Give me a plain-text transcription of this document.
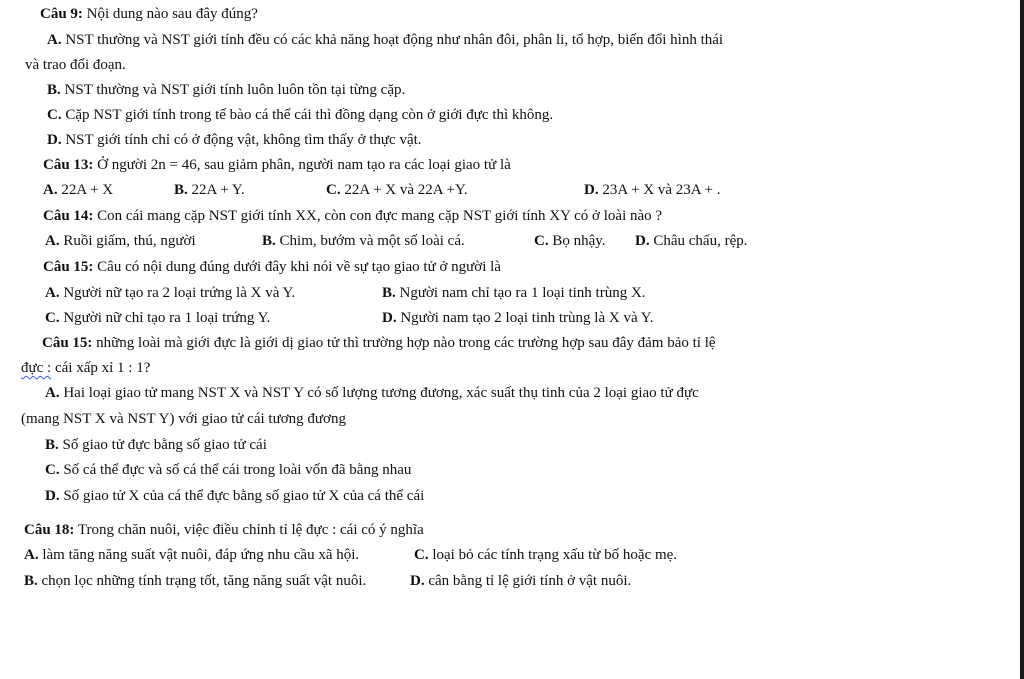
Câu 9: Nội dung nào sau đây đúng?
A. NST thường và NST giới tính đều có các khả năng hoạt động như nhân đôi, phân li, tổ hợp, biến đổi hình thái
và trao đổi đoạn.
B. NST thường và NST giới tính luôn luôn tồn tại từng cặp.
C. Cặp NST giới tính trong tế bào cá thể cái thì đồng dạng còn ở giới đực thì không.
D. NST giới tính chỉ có ở động vật, không tìm thấy ở thực vật.
Câu 13: Ở người 2n = 46, sau giảm phân, người nam tạo ra các loại giao tử là
A. 22A + X	B. 22A + Y.	C. 22A + X và 22A +Y.	D. 23A + X và 23A + .
Câu 14: Con cái mang cặp NST giới tính XX, còn con đực mang cặp NST giới tính XY có ở loài nào ?
A. Ruồi giấm, thú, người	B. Chim, bướm và một số loài cá.	C. Bọ nhậy. D. Châu chấu, rệp.
Câu 15: Câu có nội dung đúng dưới đây khi nói về sự tạo giao tử ở người là
A. Người nữ tạo ra 2 loại trứng là X và Y.	B. Người nam chỉ tạo ra 1 loại tinh trùng X.
C. Người nữ chỉ tạo ra 1 loại trứng Y.	D. Người nam tạo 2 loại tinh trùng là X và Y.
Câu 15: những loài mà giới đực là giới dị giao tử thì trường hợp nào trong các trường hợp sau đây đảm bảo tỉ lệ
đực : cái xấp xỉ 1 : 1?
A. Hai loại giao tử mang NST X và NST Y có số lượng tương đương, xác suất thụ tinh của 2 loại giao tử đực
(mang NST X và NST Y) với giao tử cái tương đương
B. Số giao tử đực bằng số giao tử cái
C. Số cá thể đực và số cá thể cái trong loài vốn đã bằng nhau
D. Số giao tử X của cá thể đực bằng số giao tử X của cá thể cái
Câu 18: Trong chăn nuôi, việc điều chỉnh tỉ lệ đực : cái có ý nghĩa
A. làm tăng năng suất vật nuôi, đáp ứng nhu cầu xã hội.	C. loại bỏ các tính trạng xấu từ bố hoặc mẹ.
B. chọn lọc những tính trạng tốt, tăng năng suất vật nuôi.	D. cân bằng tỉ lệ giới tính ở vật nuôi.
